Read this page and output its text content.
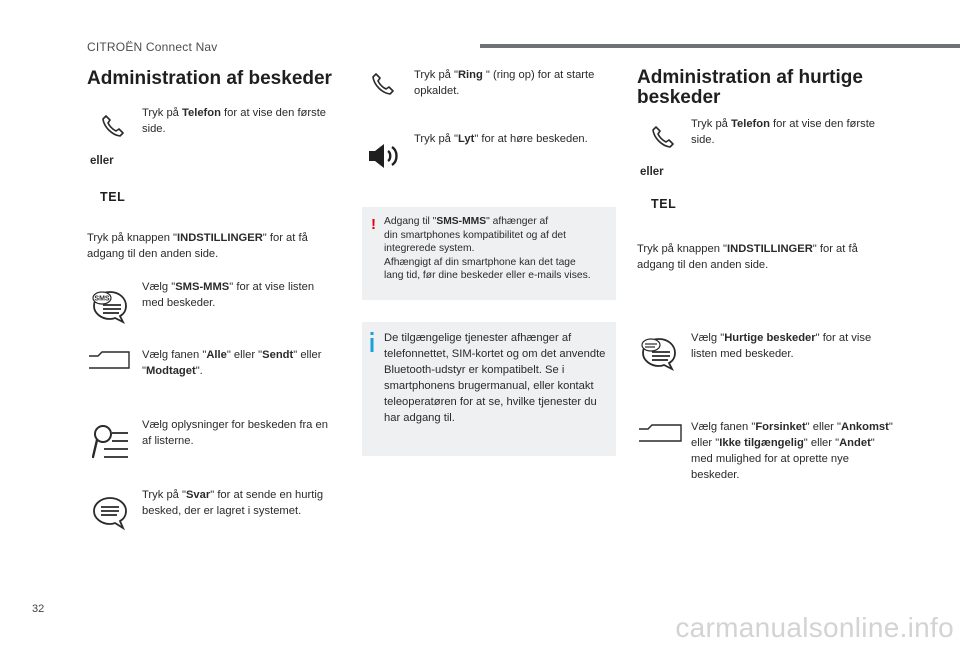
CITROËN Connect Nav
Administration af beskeder
Tryk på Telefon for at vise den første side.
eller
TEL
Tryk på knappen "INDSTILLINGER" for at få adgang til den anden side.
SMS
Vælg "SMS-MMS" for at vise listen med beskeder.
Vælg fanen "Alle" eller "Sendt" eller "Modtaget".
Vælg oplysninger for beskeden fra en af listerne.
Tryk på "Svar" for at sende en hurtig besked, der er lagret i systemet.
Tryk på "Ring " (ring op) for at starte opkaldet.
Tryk på "Lyt" for at høre beskeden.
! Adgang til "SMS-MMS" afhænger af
din smartphones kompatibilitet og af det
integrerede system.
Afhængigt af din smartphone kan det tage
lang tid, før dine beskeder eller e-mails vises.
De tilgængelige tjenester afhænger af telefonnettet, SIM-kortet og om det anvendte Bluetooth-udstyr er kompatibelt. Se i smartphonens brugermanual, eller kontakt teleoperatøren for at se, hvilke tjenester du har adgang til.
Administration af hurtige beskeder
Tryk på Telefon for at vise den første side.
eller
TEL
Tryk på knappen "INDSTILLINGER" for at få adgang til den anden side.
Vælg "Hurtige beskeder" for at vise listen med beskeder.
Vælg fanen "Forsinket" eller "Ankomst" eller "Ikke tilgængelig" eller "Andet" med mulighed for at oprette nye beskeder.
32
carmanualsonline.info
